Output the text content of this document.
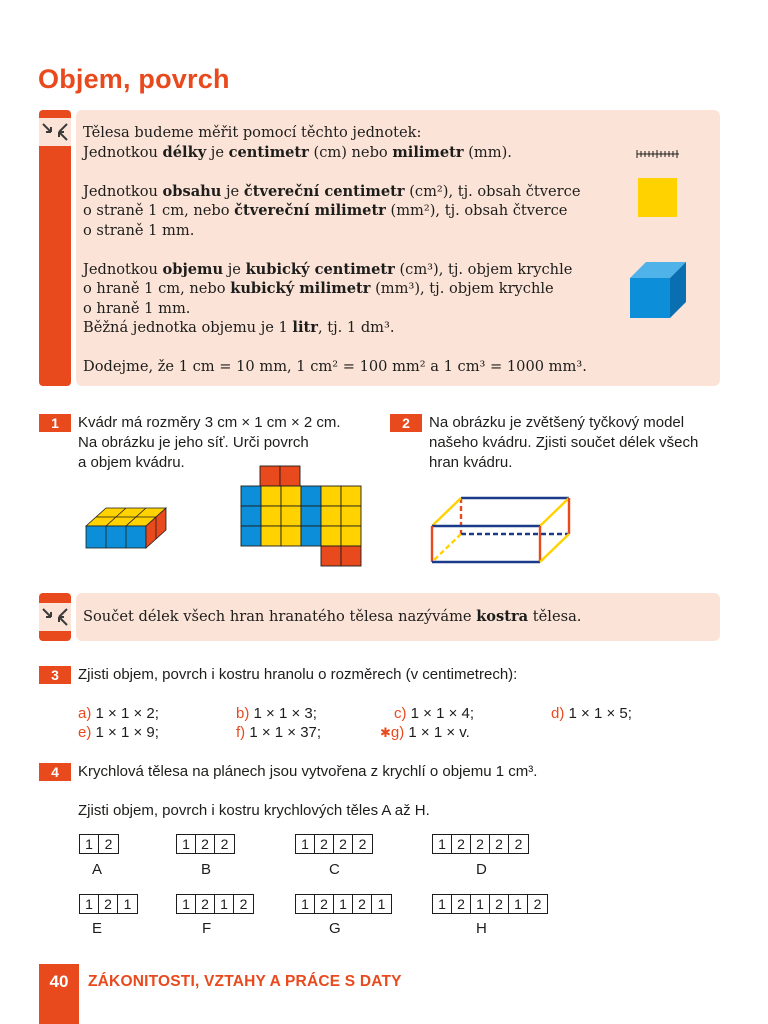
Objem, povrch
Tělesa budeme měřit pomocí těchto jednotek:
Jednotkou délky je centimetr (cm) nebo milimetr (mm).
Jednotkou obsahu je čtvereční centimetr (cm²), tj. obsah čtverce
o straně 1 cm, nebo čtvereční milimetr (mm²), tj. obsah čtverce
o straně 1 mm.
Jednotkou objemu je kubický centimetr (cm³), tj. objem krychle
o hraně 1 cm, nebo kubický milimetr (mm³), tj. objem krychle
o hraně 1 mm.
Běžná jednotka objemu je 1 litr, tj. 1 dm³.
Dodejme, že 1 cm = 10 mm, 1 cm² = 100 mm² a 1 cm³ = 1000 mm³.
1	Kvádr má rozměry 3 cm × 1 cm × 2 cm.
Na obrázku je jeho síť. Urči povrch
a objem kvádru.
2	Na obrázku je zvětšený tyčkový model
našeho kvádru. Zjisti součet délek všech
hran kvádru.
Součet délek všech hran hranatého tělesa nazýváme kostra tělesa.
3	Zjisti objem, povrch i kostru hranolu o rozměrech (v centimetrech):
a) 1 × 1 × 2;	b) 1 × 1 × 3;	c) 1 × 1 × 4;	d) 1 × 1 × 5;
e) 1 × 1 × 9;	f) 1 × 1 × 37;	✱g) 1 × 1 × v.
4	Krychlová tělesa na plánech jsou vytvořena z krychlí o objemu 1 cm³.
Zjisti objem, povrch i kostru krychlových těles A až H.
1 2
A
1 2 2
B
1 2 2 2
C
1 2 2 2 2
D
1 2 1
E
1 2 1 2
F
1 2 1 2 1
G
1 2 1 2 1 2
H
40	ZÁKONITOSTI, VZTAHY A PRÁCE S DATY
